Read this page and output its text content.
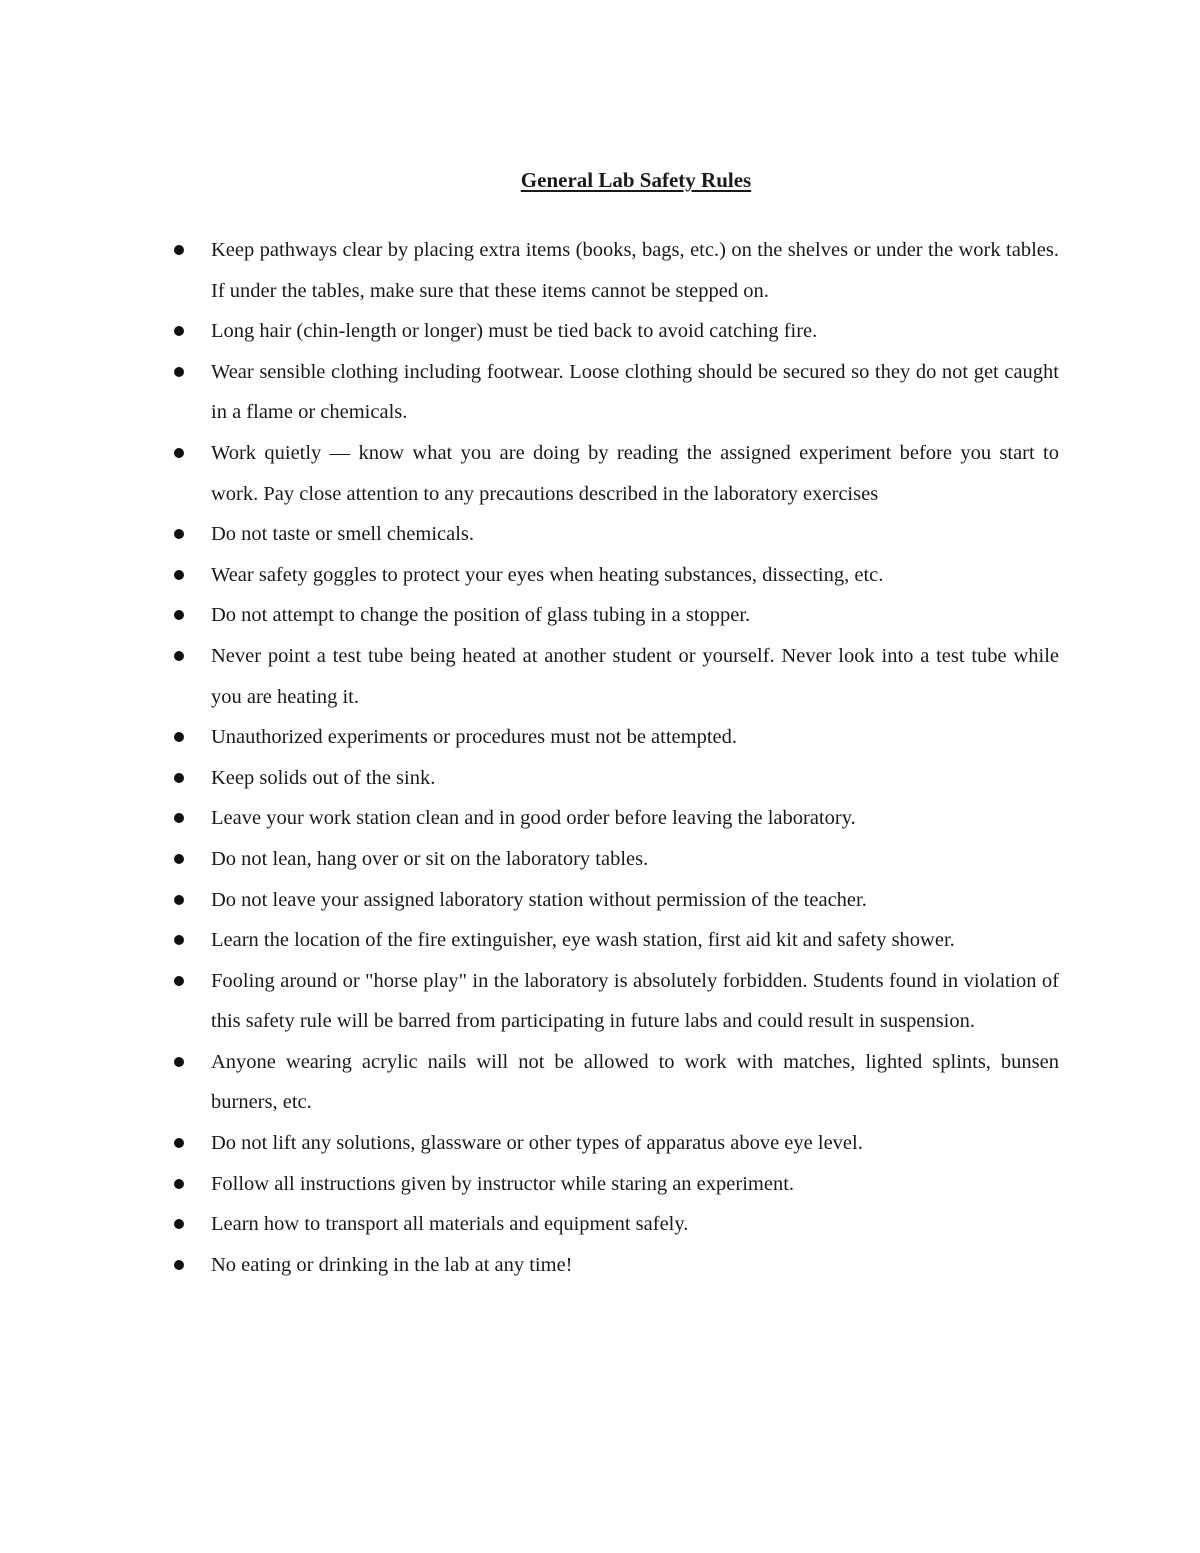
General Lab Safety Rules
Keep pathways clear by placing extra items (books, bags, etc.) on the shelves or under the work tables. If under the tables, make sure that these items cannot be stepped on.
Long hair (chin-length or longer) must be tied back to avoid catching fire.
Wear sensible clothing including footwear. Loose clothing should be secured so they do not get caught in a flame or chemicals.
Work quietly — know what you are doing by reading the assigned experiment before you start to work. Pay close attention to any precautions described in the laboratory exercises
Do not taste or smell chemicals.
Wear safety goggles to protect your eyes when heating substances, dissecting, etc.
Do not attempt to change the position of glass tubing in a stopper.
Never point a test tube being heated at another student or yourself. Never look into a test tube while you are heating it.
Unauthorized experiments or procedures must not be attempted.
Keep solids out of the sink.
Leave your work station clean and in good order before leaving the laboratory.
Do not lean, hang over or sit on the laboratory tables.
Do not leave your assigned laboratory station without permission of the teacher.
Learn the location of the fire extinguisher, eye wash station, first aid kit and safety shower.
Fooling around or "horse play" in the laboratory is absolutely forbidden. Students found in violation of this safety rule will be barred from participating in future labs and could result in suspension.
Anyone wearing acrylic nails will not be allowed to work with matches, lighted splints, bunsen burners, etc.
Do not lift any solutions, glassware or other types of apparatus above eye level.
Follow all instructions given by instructor while staring an experiment.
Learn how to transport all materials and equipment safely.
No eating or drinking in the lab at any time!
